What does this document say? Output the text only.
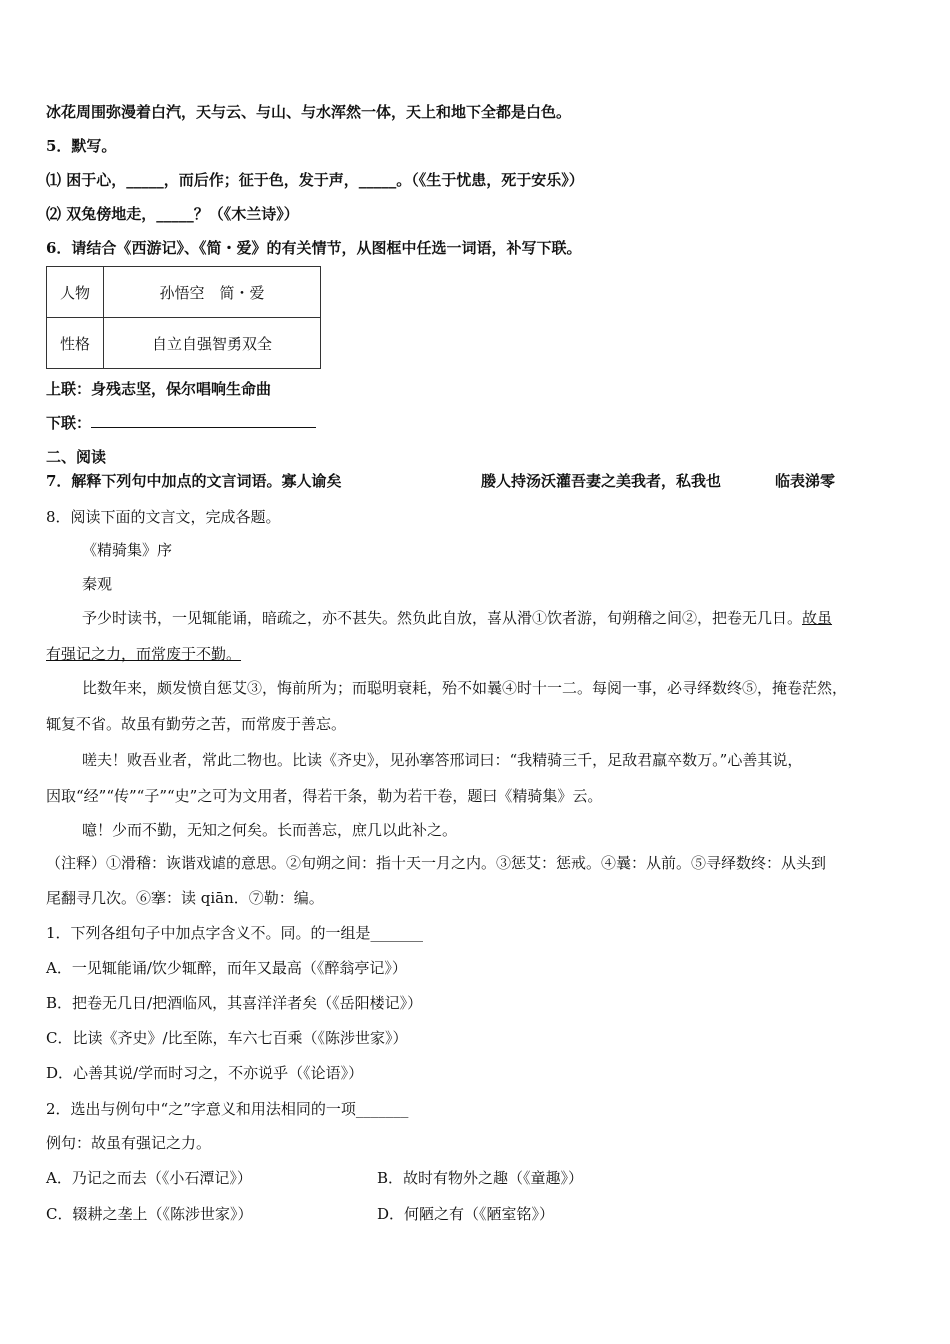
冰花周围弥漫着白汽，天与云、与山、与水浑然一体，天上和地下全都是白色。
5．默写。
⑴ 困于心，_____，而后作；征于色，发于声，_____。（《生于忧患，死于安乐》）
⑵ 双兔傍地走，_____？（《木兰诗》）
6．请结合《西游记》、《简・爱》的有关情节，从图框中任选一词语，补写下联。
人物	孙悟空　简・爱
性格	自立自强智勇双全
上联：身残志坚，保尔唱响生命曲
下联：
二、阅读
7．解释下列句中加点的文言词语。寡人谕矣	媵人持汤沃灌吾妻之美我者，私我也	临表涕零
8．阅读下面的文言文，完成各题。
《精骑集》序
秦观
予少时读书，一见辄能诵，暗疏之，亦不甚失。然负此自放，喜从滑①饮者游，旬朔稽之间②，把卷无几日。故虽
有强记之力，而常废于不勤。
比数年来，颇发愤自惩艾③，悔前所为；而聪明衰耗，殆不如曩④时十一二。每阅一事，必寻绎数终⑤，掩卷茫然，
辄复不省。故虽有勤劳之苦，而常废于善忘。
嗟夫！败吾业者，常此二物也。比读《齐史》，见孙搴答邢词曰：“我精骑三千，足敌君羸卒数万。”心善其说，
因取“经”“传”“子”“史”之可为文用者，得若干条，勒为若干卷，题曰《精骑集》云。
噫！少而不勤，无知之何矣。长而善忘，庶几以此补之。
（注释）①滑稽：诙谐戏谑的意思。②旬朔之间：指十天一月之内。③惩艾：惩戒。④曩：从前。⑤寻绎数终：从头到
尾翻寻几次。⑥搴：读 qiān．⑦勒：编。
1．下列各组句子中加点字含义不。同。的一组是_______
A．一见辄能诵/饮少辄醉，而年又最高（《醉翁亭记》）
B．把卷无几日/把酒临风，其喜洋洋者矣（《岳阳楼记》）
C．比读《齐史》/比至陈，车六七百乘（《陈涉世家》）
D．心善其说/学而时习之，不亦说乎（《论语》）
2．选出与例句中“之”字意义和用法相同的一项_______
例句：故虽有强记之力。
A．乃记之而去（《小石潭记》）	B．故时有物外之趣（《童趣》）
C．辍耕之垄上（《陈涉世家》）	D．何陋之有（《陋室铭》）
